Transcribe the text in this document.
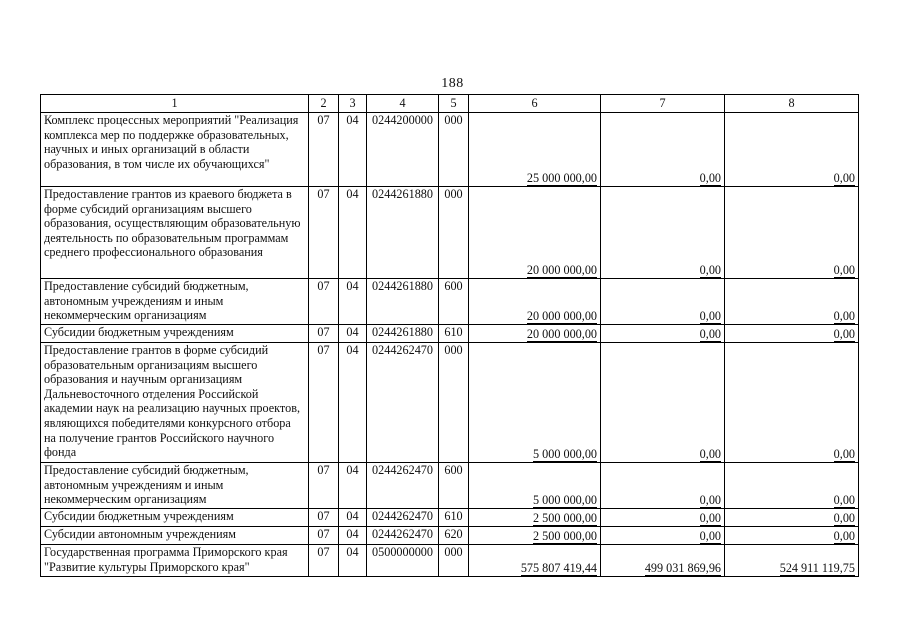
188
1	2	3	4	5	6	7	8
Комплекс процессных мероприятий "Реализация комплекса мер по поддержке образовательных, научных и иных организаций в области образования, в том числе их обучающихся"	07	04	0244200000	000	25 000 000,00	0,00	0,00
Предоставление грантов из краевого бюджета в форме субсидий организациям высшего образования, осуществляющим образовательную деятельность по образовательным программам среднего профессионального образования	07	04	0244261880	000	20 000 000,00	0,00	0,00
Предоставление субсидий бюджетным, автономным учреждениям и иным некоммерческим организациям	07	04	0244261880	600	20 000 000,00	0,00	0,00
Субсидии бюджетным учреждениям	07	04	0244261880	610	20 000 000,00	0,00	0,00
Предоставление грантов в форме субсидий образовательным организациям высшего образования и научным организациям Дальневосточного отделения Российской академии наук на реализацию научных проектов, являющихся победителями конкурсного отбора на получение грантов Российского научного фонда	07	04	0244262470	000	5 000 000,00	0,00	0,00
Предоставление субсидий бюджетным, автономным учреждениям и иным некоммерческим организациям	07	04	0244262470	600	5 000 000,00	0,00	0,00
Субсидии бюджетным учреждениям	07	04	0244262470	610	2 500 000,00	0,00	0,00
Субсидии автономным учреждениям	07	04	0244262470	620	2 500 000,00	0,00	0,00
Государственная программа Приморского края "Развитие культуры Приморского края"	07	04	0500000000	000	575 807 419,44	499 031 869,96	524 911 119,75
